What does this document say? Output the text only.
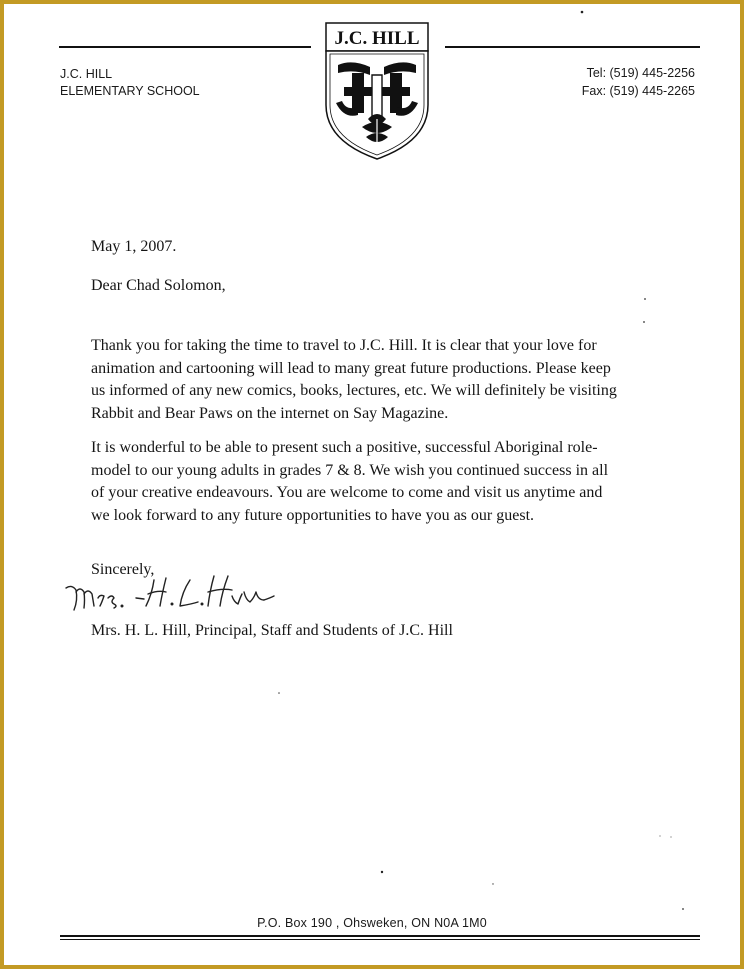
J.C. HILL
ELEMENTARY SCHOOL
Tel: (519) 445-2256
Fax: (519) 445-2265
J.C. HILL
May 1, 2007.
Dear Chad Solomon,
Thank you for taking the time to travel to J.C. Hill. It is clear that your love for
animation and cartooning will lead to many great future productions. Please keep
us informed of any new comics, books, lectures, etc. We will definitely be visiting
Rabbit and Bear Paws on the internet on Say Magazine.
It is wonderful to be able to present such a positive, successful Aboriginal role-
model to our young adults in grades 7 & 8. We wish you continued success in all
of your creative endeavours. You are welcome to come and visit us anytime and
we look forward to any future opportunities to have you as our guest.
Sincerely,
Mrs. H. L. Hill, Principal, Staff and Students of J.C. Hill
P.O. Box 190 , Ohsweken, ON N0A 1M0
